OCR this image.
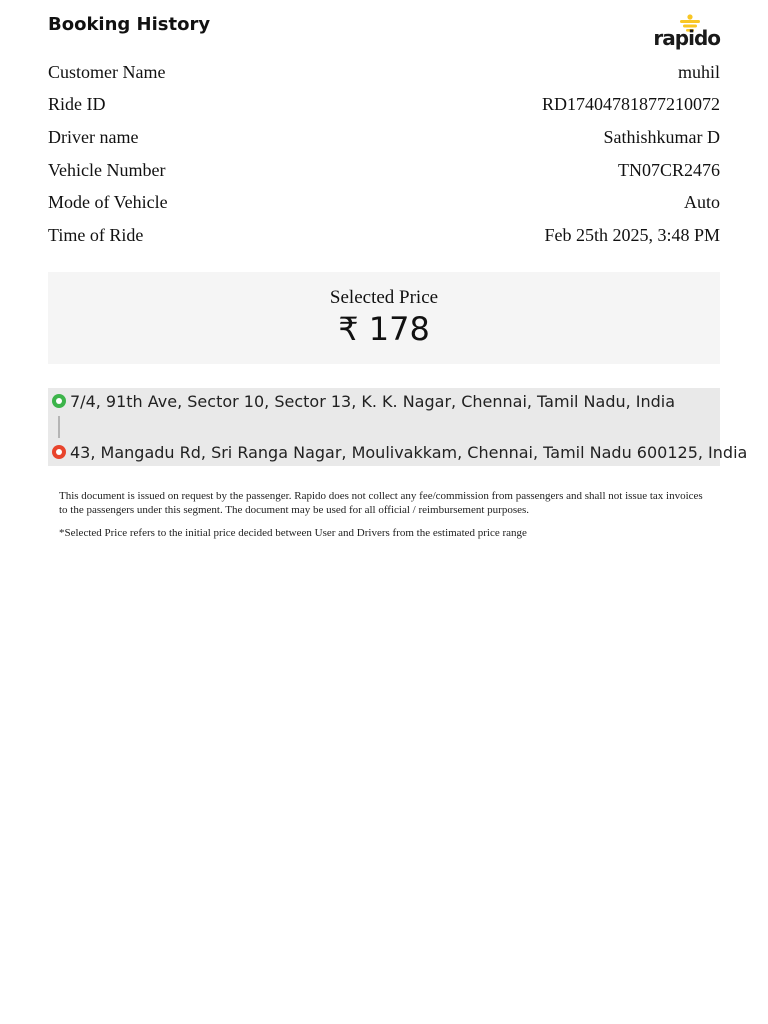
Booking History
rapido
Customer Name	muhil
Ride ID	RD17404781877210072
Driver name	Sathishkumar D
Vehicle Number	TN07CR2476
Mode of Vehicle	Auto
Time of Ride	Feb 25th 2025, 3:48 PM
Selected Price
₹ 178
7/4, 91th Ave, Sector 10, Sector 13, K. K. Nagar, Chennai, Tamil Nadu, India
43, Mangadu Rd, Sri Ranga Nagar, Moulivakkam, Chennai, Tamil Nadu 600125, India
This document is issued on request by the passenger. Rapido does not collect any fee/commission from passengers and shall not issue tax invoices to the passengers under this segment. The document may be used for all official / reimbursement purposes.
*Selected Price refers to the initial price decided between User and Drivers from the estimated price range
